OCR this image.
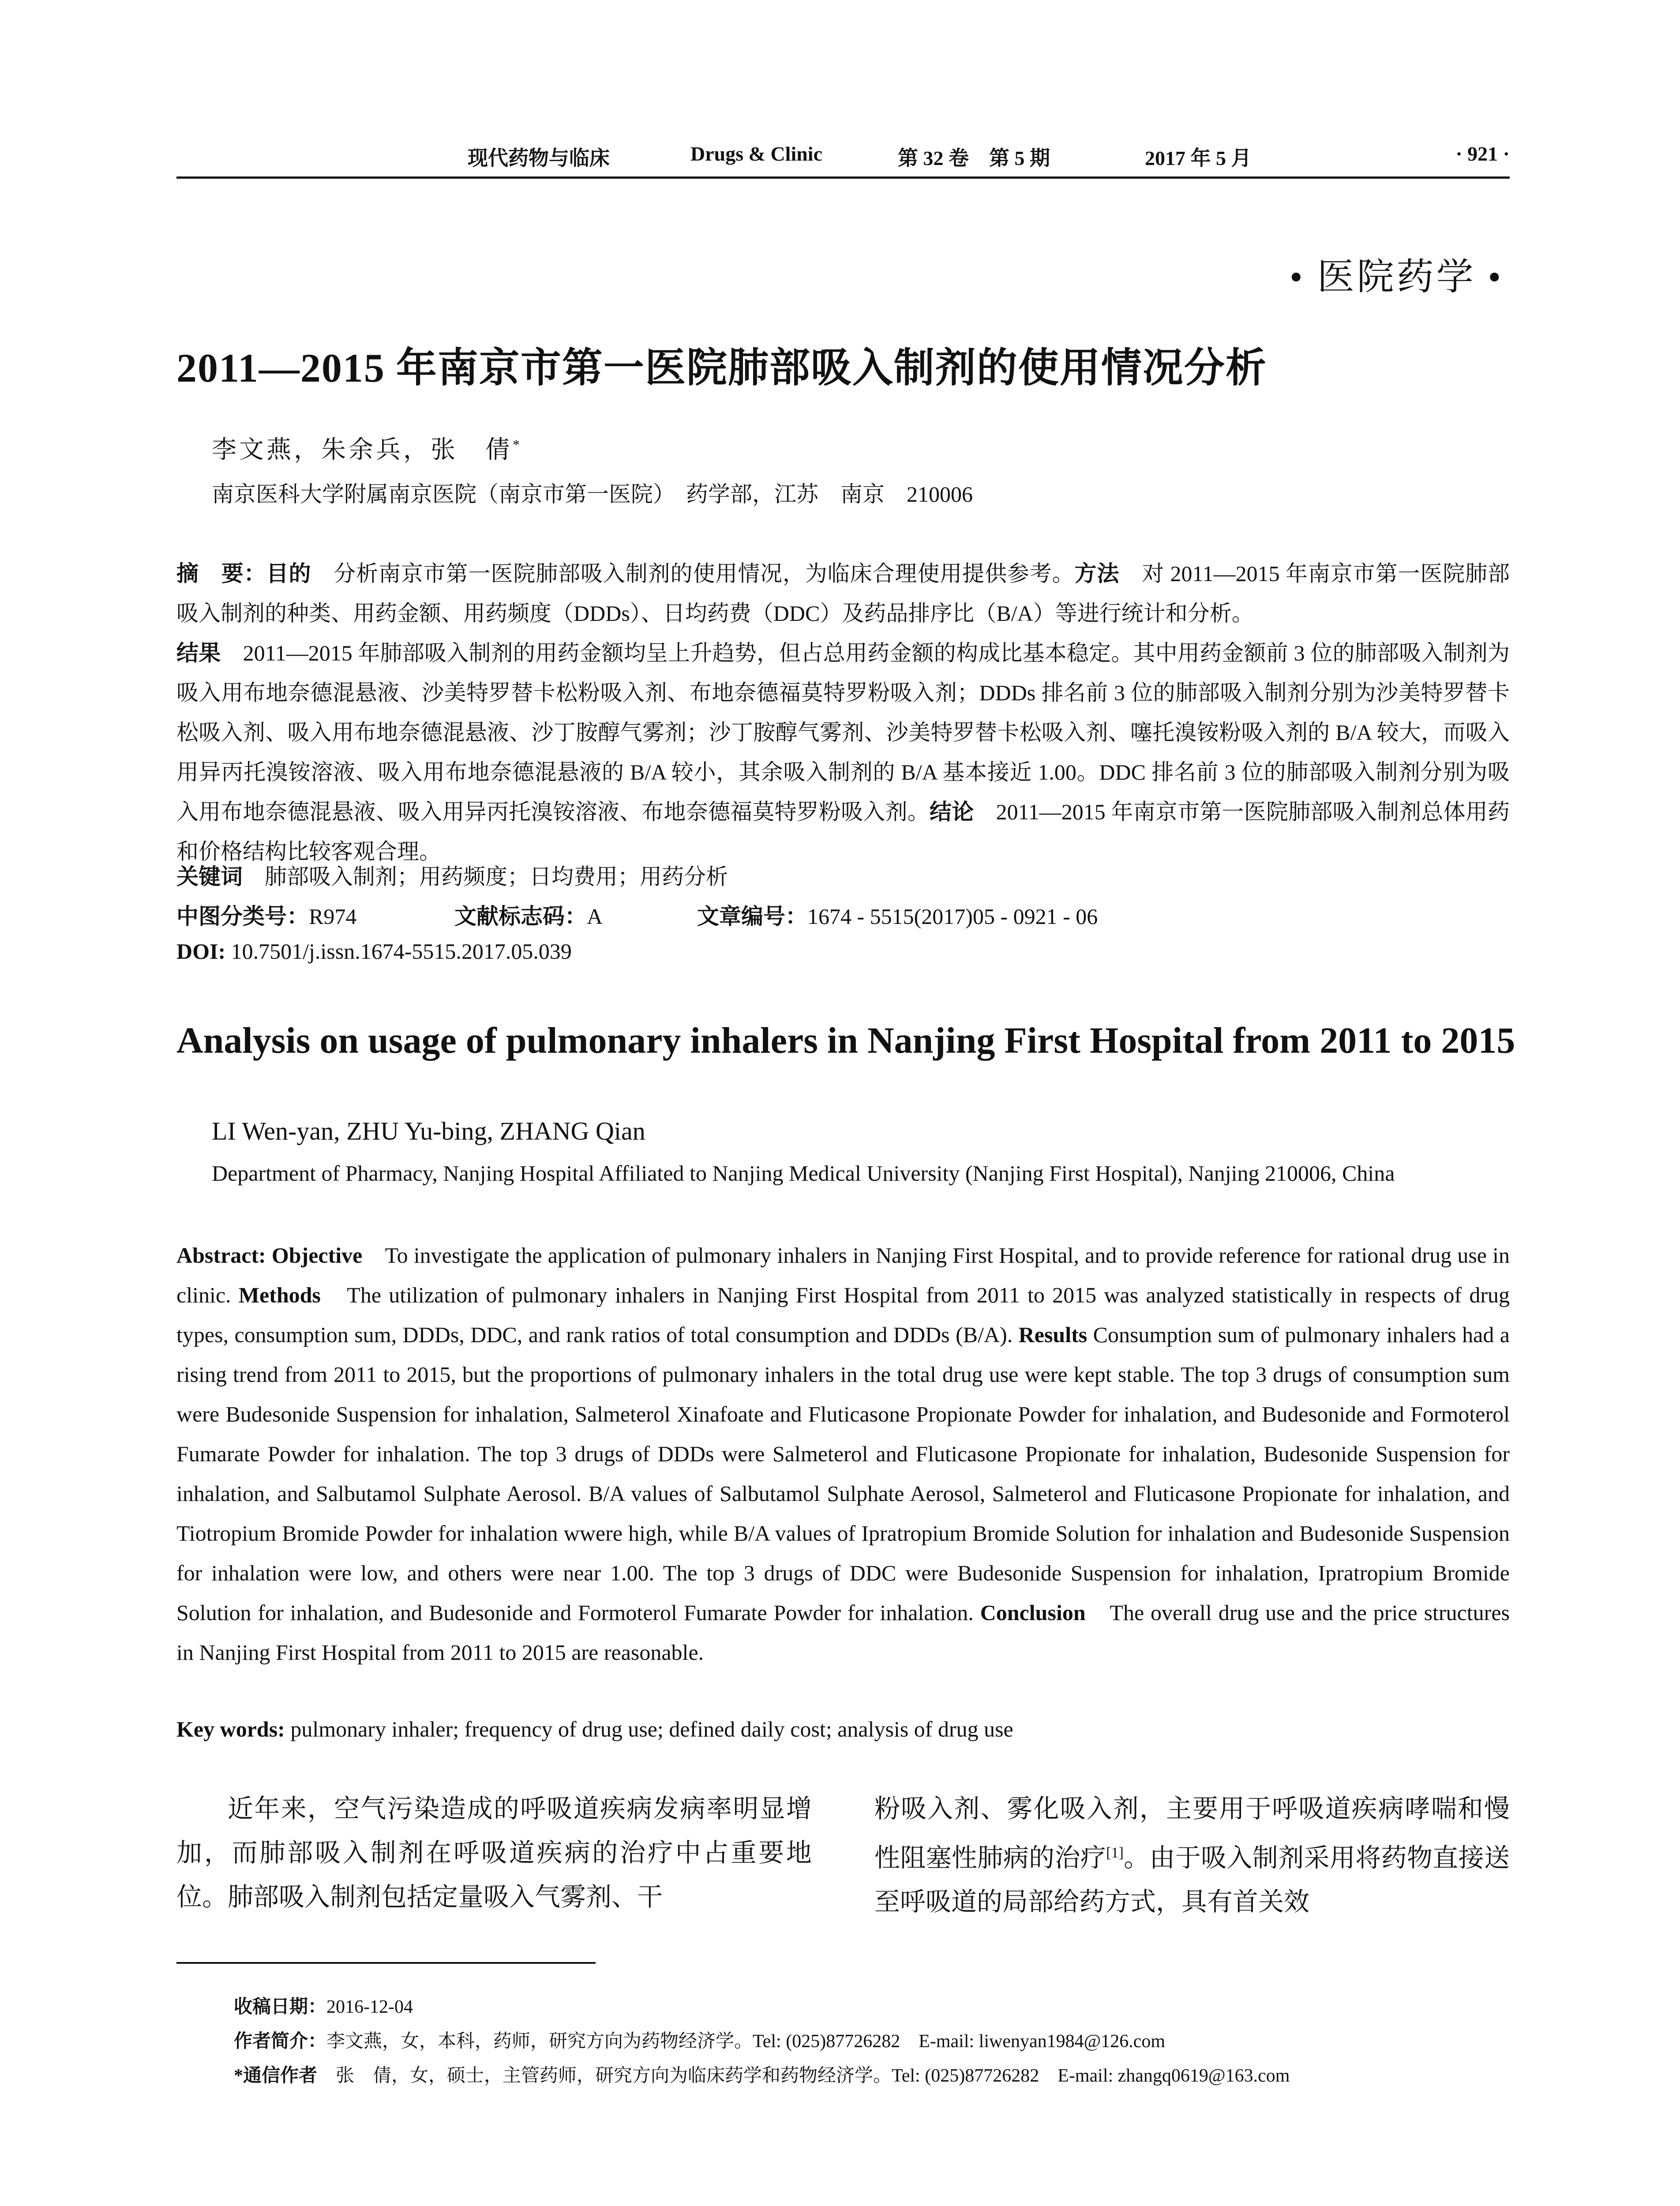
现代药物与临床	Drugs & Clinic	第 32 卷　第 5 期	2017 年 5 月	· 921 ·
• 医院药学 •
2011—2015 年南京市第一医院肺部吸入制剂的使用情况分析
李文燕，朱余兵，张　倩*
南京医科大学附属南京医院（南京市第一医院）　药学部，江苏　南京　210006

摘　要：目的　分析南京市第一医院肺部吸入制剂的使用情况，为临床合理使用提供参考。方法　对 2011—2015 年南京市第一医院肺部吸入制剂的种类、用药金额、用药频度（DDDs）、日均药费（DDC）及药品排序比（B/A）等进行统计和分析。
结果　2011—2015 年肺部吸入制剂的用药金额均呈上升趋势，但占总用药金额的构成比基本稳定。其中用药金额前 3 位的肺部吸入制剂为吸入用布地奈德混悬液、沙美特罗替卡松粉吸入剂、布地奈德福莫特罗粉吸入剂；DDDs 排名前 3 位的肺部吸入制剂分别为沙美特罗替卡松吸入剂、吸入用布地奈德混悬液、沙丁胺醇气雾剂；沙丁胺醇气雾剂、沙美特罗替卡松吸入剂、噻托溴铵粉吸入剂的 B/A 较大，而吸入用异丙托溴铵溶液、吸入用布地奈德混悬液的 B/A 较小，其余吸入制剂的 B/A 基本接近 1.00。DDC 排名前 3 位的肺部吸入制剂分别为吸入用布地奈德混悬液、吸入用异丙托溴铵溶液、布地奈德福莫特罗粉吸入剂。结论　2011—2015 年南京市第一医院肺部吸入制剂总体用药和价格结构比较客观合理。

关键词　肺部吸入制剂；用药频度；日均费用；用药分析
中图分类号：R974	文献标志码：A	文章编号：1674 - 5515(2017)05 - 0921 - 06
DOI: 10.7501/j.issn.1674-5515.2017.05.039
Analysis on usage of pulmonary inhalers in Nanjing First Hospital from 2011 to 2015
LI Wen-yan, ZHU Yu-bing, ZHANG Qian
Department of Pharmacy, Nanjing Hospital Affiliated to Nanjing Medical University (Nanjing First Hospital), Nanjing 210006, China

Abstract: Objective　To investigate the application of pulmonary inhalers in Nanjing First Hospital, and to provide reference for rational drug use in clinic. Methods　The utilization of pulmonary inhalers in Nanjing First Hospital from 2011 to 2015 was analyzed statistically in respects of drug types, consumption sum, DDDs, DDC, and rank ratios of total consumption and DDDs (B/A). Results Consumption sum of pulmonary inhalers had a rising trend from 2011 to 2015, but the proportions of pulmonary inhalers in the total drug use were kept stable. The top 3 drugs of consumption sum were Budesonide Suspension for inhalation, Salmeterol Xinafoate and Fluticasone Propionate Powder for inhalation, and Budesonide and Formoterol Fumarate Powder for inhalation. The top 3 drugs of DDDs were Salmeterol and Fluticasone Propionate for inhalation, Budesonide Suspension for inhalation, and Salbutamol Sulphate Aerosol. B/A values of Salbutamol Sulphate Aerosol, Salmeterol and Fluticasone Propionate for inhalation, and Tiotropium Bromide Powder for inhalation wwere high, while B/A values of Ipratropium Bromide Solution for inhalation and Budesonide Suspension for inhalation were low, and others were near 1.00. The top 3 drugs of DDC were Budesonide Suspension for inhalation, Ipratropium Bromide Solution for inhalation, and Budesonide and Formoterol Fumarate Powder for inhalation. Conclusion　The overall drug use and the price structures in Nanjing First Hospital from 2011 to 2015 are reasonable.

Key words: pulmonary inhaler; frequency of drug use; defined daily cost; analysis of drug use

近年来，空气污染造成的呼吸道疾病发病率明显增加，而肺部吸入制剂在呼吸道疾病的治疗中占重要地位。肺部吸入制剂包括定量吸入气雾剂、干

粉吸入剂、雾化吸入剂，主要用于呼吸道疾病哮喘和慢性阻塞性肺病的治疗[1]。由于吸入制剂采用将药物直接送至呼吸道的局部给药方式，具有首关效

收稿日期：2016-12-04
作者简介：李文燕，女，本科，药师，研究方向为药物经济学。Tel: (025)87726282　E-mail: liwenyan1984@126.com
*通信作者　张　倩，女，硕士，主管药师，研究方向为临床药学和药物经济学。Tel: (025)87726282　E-mail: zhangq0619@163.com
